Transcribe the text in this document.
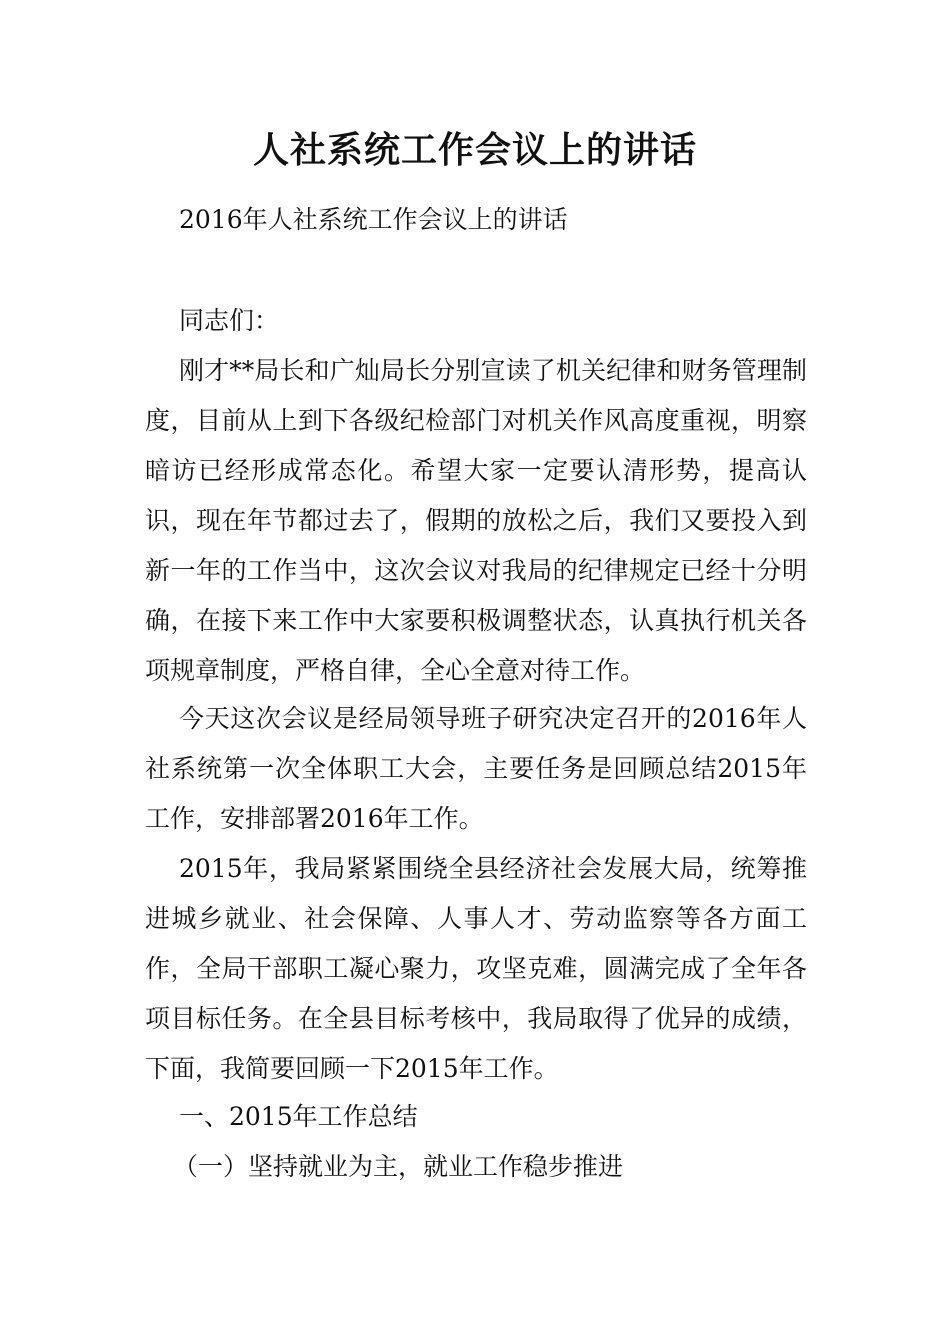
人社系统工作会议上的讲话

2016年人社系统工作会议上的讲话

同志们：

刚才**局长和广灿局长分别宣读了机关纪律和财务管理制度，目前从上到下各级纪检部门对机关作风高度重视，明察暗访已经形成常态化。希望大家一定要认清形势，提高认识，现在年节都过去了，假期的放松之后，我们又要投入到新一年的工作当中，这次会议对我局的纪律规定已经十分明确，在接下来工作中大家要积极调整状态，认真执行机关各项规章制度，严格自律，全心全意对待工作。

今天这次会议是经局领导班子研究决定召开的2016年人社系统第一次全体职工大会，主要任务是回顾总结2015年工作，安排部署2016年工作。

2015年，我局紧紧围绕全县经济社会发展大局，统筹推进城乡就业、社会保障、人事人才、劳动监察等各方面工作，全局干部职工凝心聚力，攻坚克难，圆满完成了全年各项目标任务。在全县目标考核中，我局取得了优异的成绩，下面，我简要回顾一下2015年工作。

一、2015年工作总结

（一）坚持就业为主，就业工作稳步推进
